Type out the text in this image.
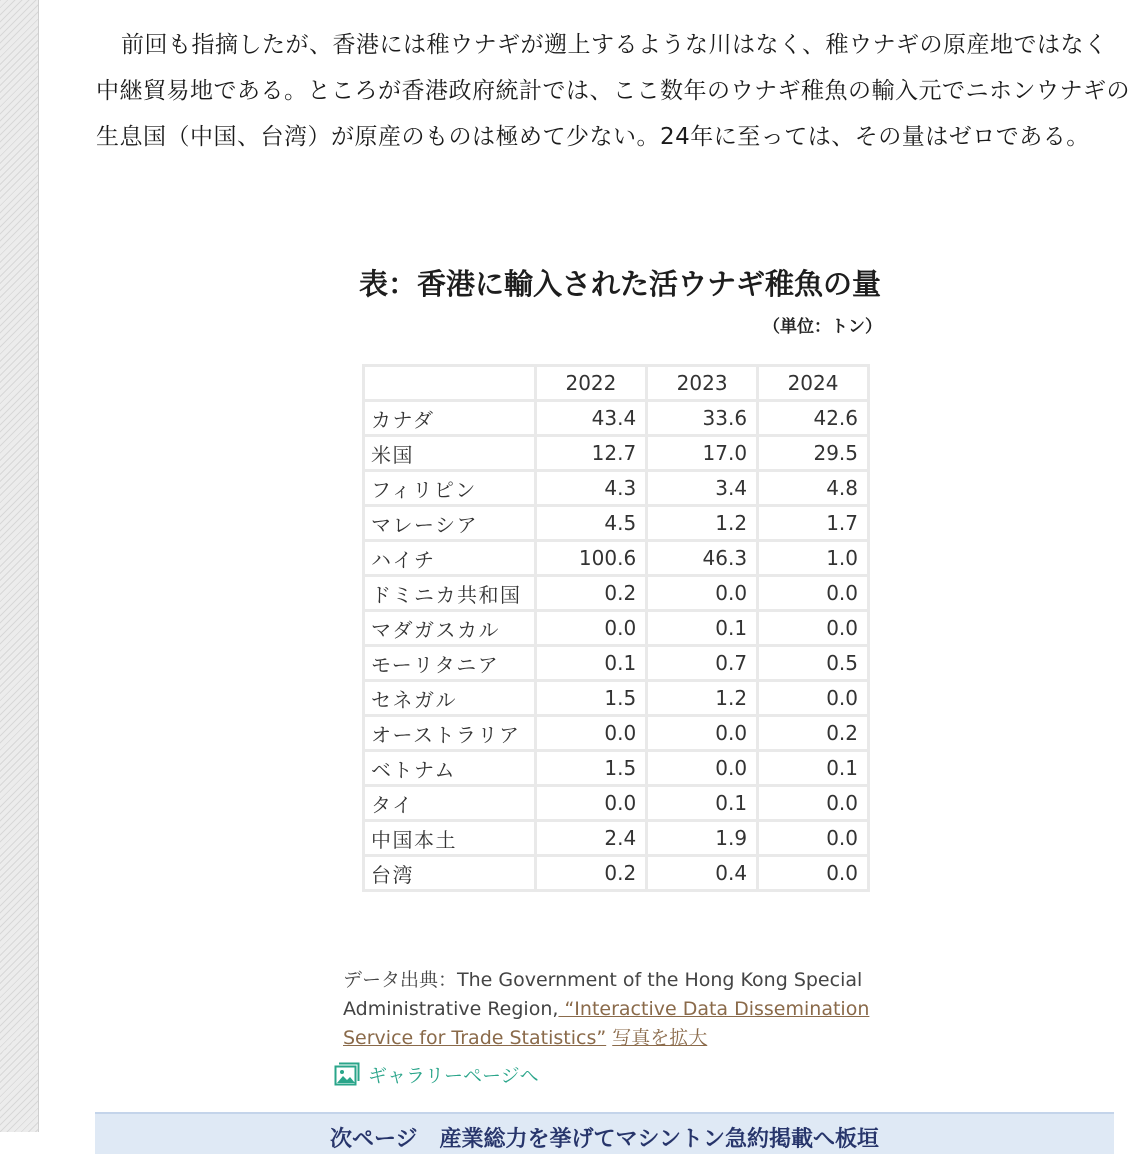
前回も指摘したが、香港には稚ウナギが遡上するような川はなく、稚ウナギの原産地ではなく中継貿易地である。ところが香港政府統計では、ここ数年のウナギ稚魚の輸入元でニホンウナギの生息国（中国、台湾）が原産のものは極めて少ない。24年に至っては、その量はゼロである。

表：香港に輸入された活ウナギ稚魚の量
（単位：トン）
	2022	2023	2024
カナダ	43.4	33.6	42.6
米国	12.7	17.0	29.5
フィリピン	4.3	3.4	4.8
マレーシア	4.5	1.2	1.7
ハイチ	100.6	46.3	1.0
ドミニカ共和国	0.2	0.0	0.0
マダガスカル	0.0	0.1	0.0
モーリタニア	0.1	0.7	0.5
セネガル	1.5	1.2	0.0
オーストラリア	0.0	0.0	0.2
ベトナム	1.5	0.0	0.1
タイ	0.0	0.1	0.0
中国本土	2.4	1.9	0.0
台湾	0.2	0.4	0.0
データ出典：The Government of the Hong Kong Special Administrative Region, “Interactive Data Dissemination Service for Trade Statistics” 写真を拡大
ギャラリーページへ
次ページ　産業総力を挙げてマシントン急約掲載へ板垣
